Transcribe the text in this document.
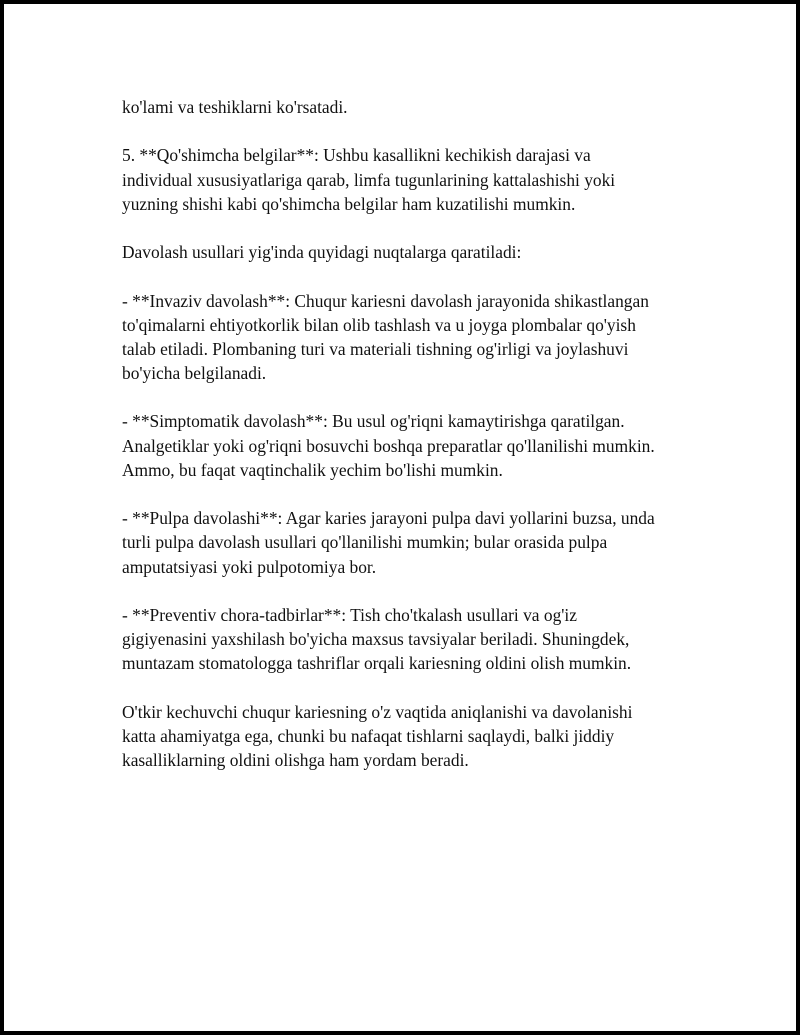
ko'lami va teshiklarni ko'rsatadi.
5. **Qo'shimcha belgilar**: Ushbu kasallikni kechikish darajasi va
individual xususiyatlariga qarab, limfa tugunlarining kattalashishi yoki
yuzning shishi kabi qo'shimcha belgilar ham kuzatilishi mumkin.
Davolash usullari yig'inda quyidagi nuqtalarga qaratiladi:
- **Invaziv davolash**: Chuqur kariesni davolash jarayonida shikastlangan
to'qimalarni ehtiyotkorlik bilan olib tashlash va u joyga plombalar qo'yish
talab etiladi. Plombaning turi va materiali tishning og'irligi va joylashuvi
bo'yicha belgilanadi.
- **Simptomatik davolash**: Bu usul og'riqni kamaytirishga qaratilgan.
Analgetiklar yoki og'riqni bosuvchi boshqa preparatlar qo'llanilishi mumkin.
Ammo, bu faqat vaqtinchalik yechim bo'lishi mumkin.
- **Pulpa davolashi**: Agar karies jarayoni pulpa davi yollarini buzsa, unda
turli pulpa davolash usullari qo'llanilishi mumkin; bular orasida pulpa
amputatsiyasi yoki pulpotomiya bor.
- **Preventiv chora-tadbirlar**: Tish cho'tkalash usullari va og'iz
gigiyenasini yaxshilash bo'yicha maxsus tavsiyalar beriladi. Shuningdek,
muntazam stomatologga tashriflar orqali kariesning oldini olish mumkin.
O'tkir kechuvchi chuqur kariesning o'z vaqtida aniqlanishi va davolanishi
katta ahamiyatga ega, chunki bu nafaqat tishlarni saqlaydi, balki jiddiy
kasalliklarning oldini olishga ham yordam beradi.
